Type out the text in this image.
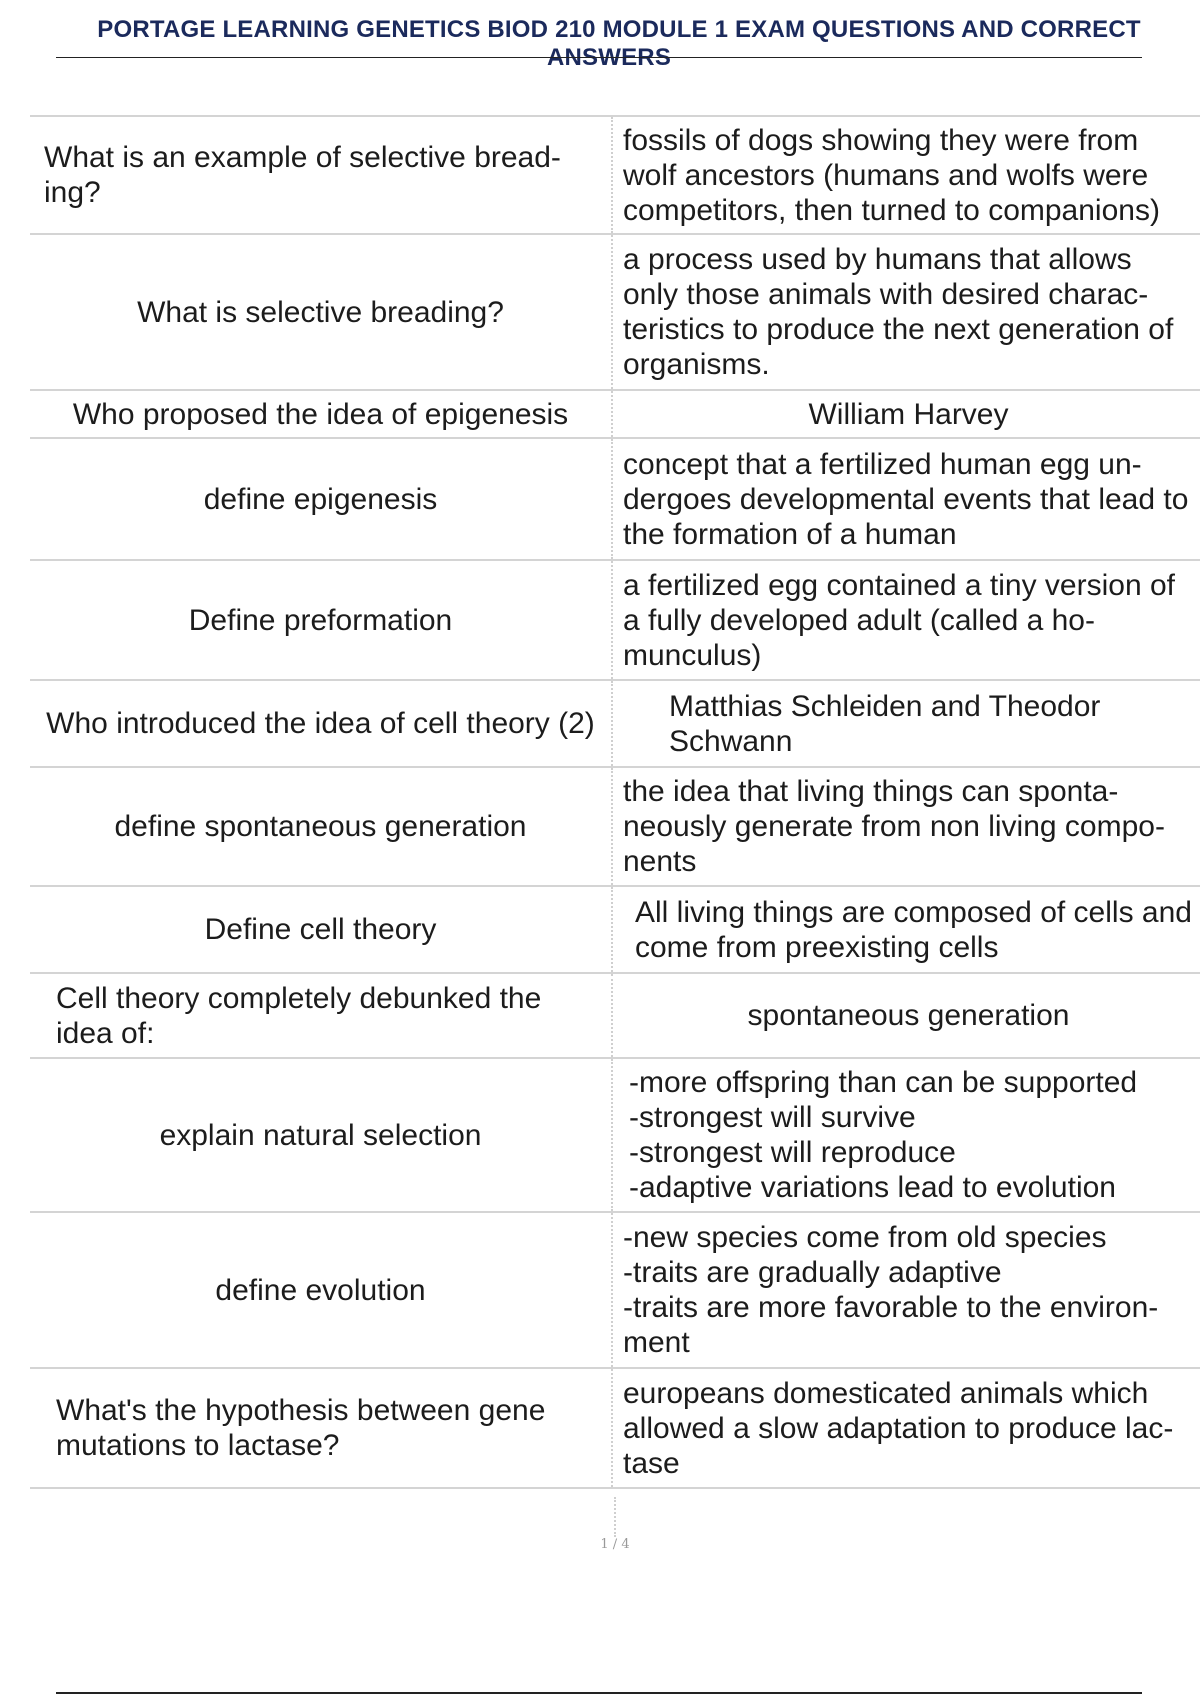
PORTAGE LEARNING GENETICS BIOD 210 MODULE 1 EXAM QUESTIONS AND CORRECT
ANSWERS
What is an example of selective bread-ing?	fossils of dogs showing they were from wolf ancestors (humans and wolfs were competitors, then turned to companions)
What is selective breading?	a process used by humans that allows only those animals with desired charac-teristics to produce the next generation of organisms.
Who proposed the idea of epigenesis	William Harvey
define epigenesis	concept that a fertilized human egg un-dergoes developmental events that lead to the formation of a human
Define preformation	a fertilized egg contained a tiny version of a fully developed adult (called a ho-munculus)
Who introduced the idea of cell theory (2)	Matthias Schleiden and Theodor Schwann
define spontaneous generation	the idea that living things can sponta-neously generate from non living compo-nents
Define cell theory	All living things are composed of cells and come from preexisting cells
Cell theory completely debunked the idea of:	spontaneous generation
explain natural selection	-more offspring than can be supported
-strongest will survive
-strongest will reproduce
-adaptive variations lead to evolution
define evolution	-new species come from old species
-traits are gradually adaptive
-traits are more favorable to the environ-ment
What's the hypothesis between gene mutations to lactase?	europeans domesticated animals which allowed a slow adaptation to produce lac-tase
1 / 4
